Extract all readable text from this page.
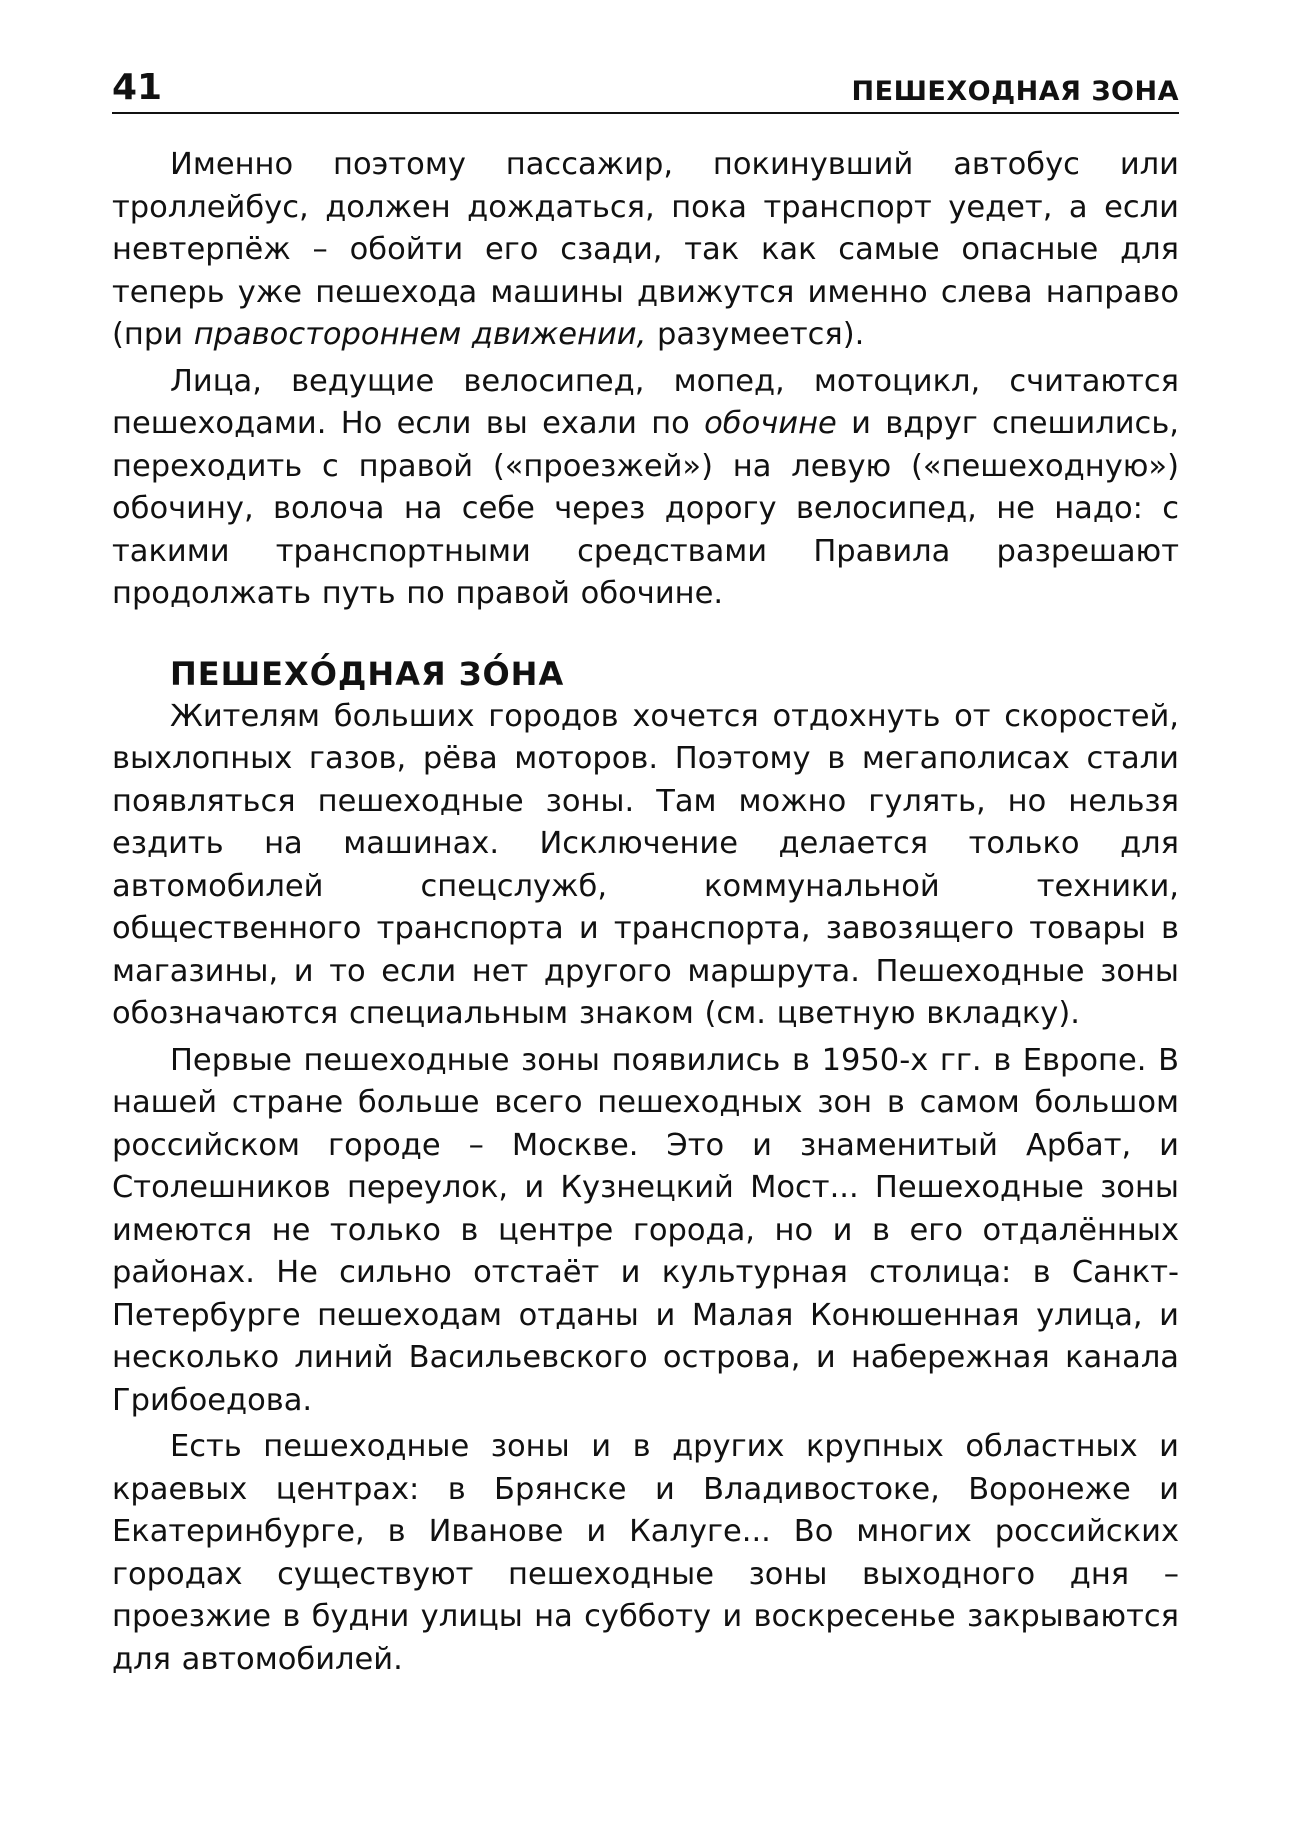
41	ПЕШЕХОДНАЯ ЗОНА

Именно поэтому пассажир, покинувший автобус или троллейбус, должен дождаться, пока транспорт уедет, а если невтерпёж – обойти его сзади, так как самые опасные для теперь уже пешехода машины движутся именно слева направо (при правостороннем движении, разумеется).

Лица, ведущие велосипед, мопед, мотоцикл, считаются пешеходами. Но если вы ехали по обочине и вдруг спешились, переходить с правой («проезжей») на левую («пешеходную») обочину, волоча на себе через дорогу велосипед, не надо: с такими транспортными средствами Правила разрешают продолжать путь по правой обочине.

ПЕШЕХО́ДНАЯ ЗО́НА

Жителям больших городов хочется отдохнуть от скоростей, выхлопных газов, рёва моторов. Поэтому в мегаполисах стали появляться пешеходные зоны. Там можно гулять, но нельзя ездить на машинах. Исключение делается только для автомобилей спецслужб, коммунальной техники, общественного транспорта и транспорта, завозящего товары в магазины, и то если нет другого маршрута. Пешеходные зоны обозначаются специальным знаком (см. цветную вкладку).

Первые пешеходные зоны появились в 1950-х гг. в Европе. В нашей стране больше всего пешеходных зон в самом большом российском городе – Москве. Это и знаменитый Арбат, и Столешников переулок, и Кузнецкий Мост... Пешеходные зоны имеются не только в центре города, но и в его отдалённых районах. Не сильно отстаёт и культурная столица: в Санкт-Петербурге пешеходам отданы и Малая Конюшенная улица, и несколько линий Васильевского острова, и набережная канала Грибоедова.

Есть пешеходные зоны и в других крупных областных и краевых центрах: в Брянске и Владивостоке, Воронеже и Екатеринбурге, в Иванове и Калуге... Во многих российских городах существуют пешеходные зоны выходного дня – проезжие в будни улицы на субботу и воскресенье закрываются для автомобилей.
